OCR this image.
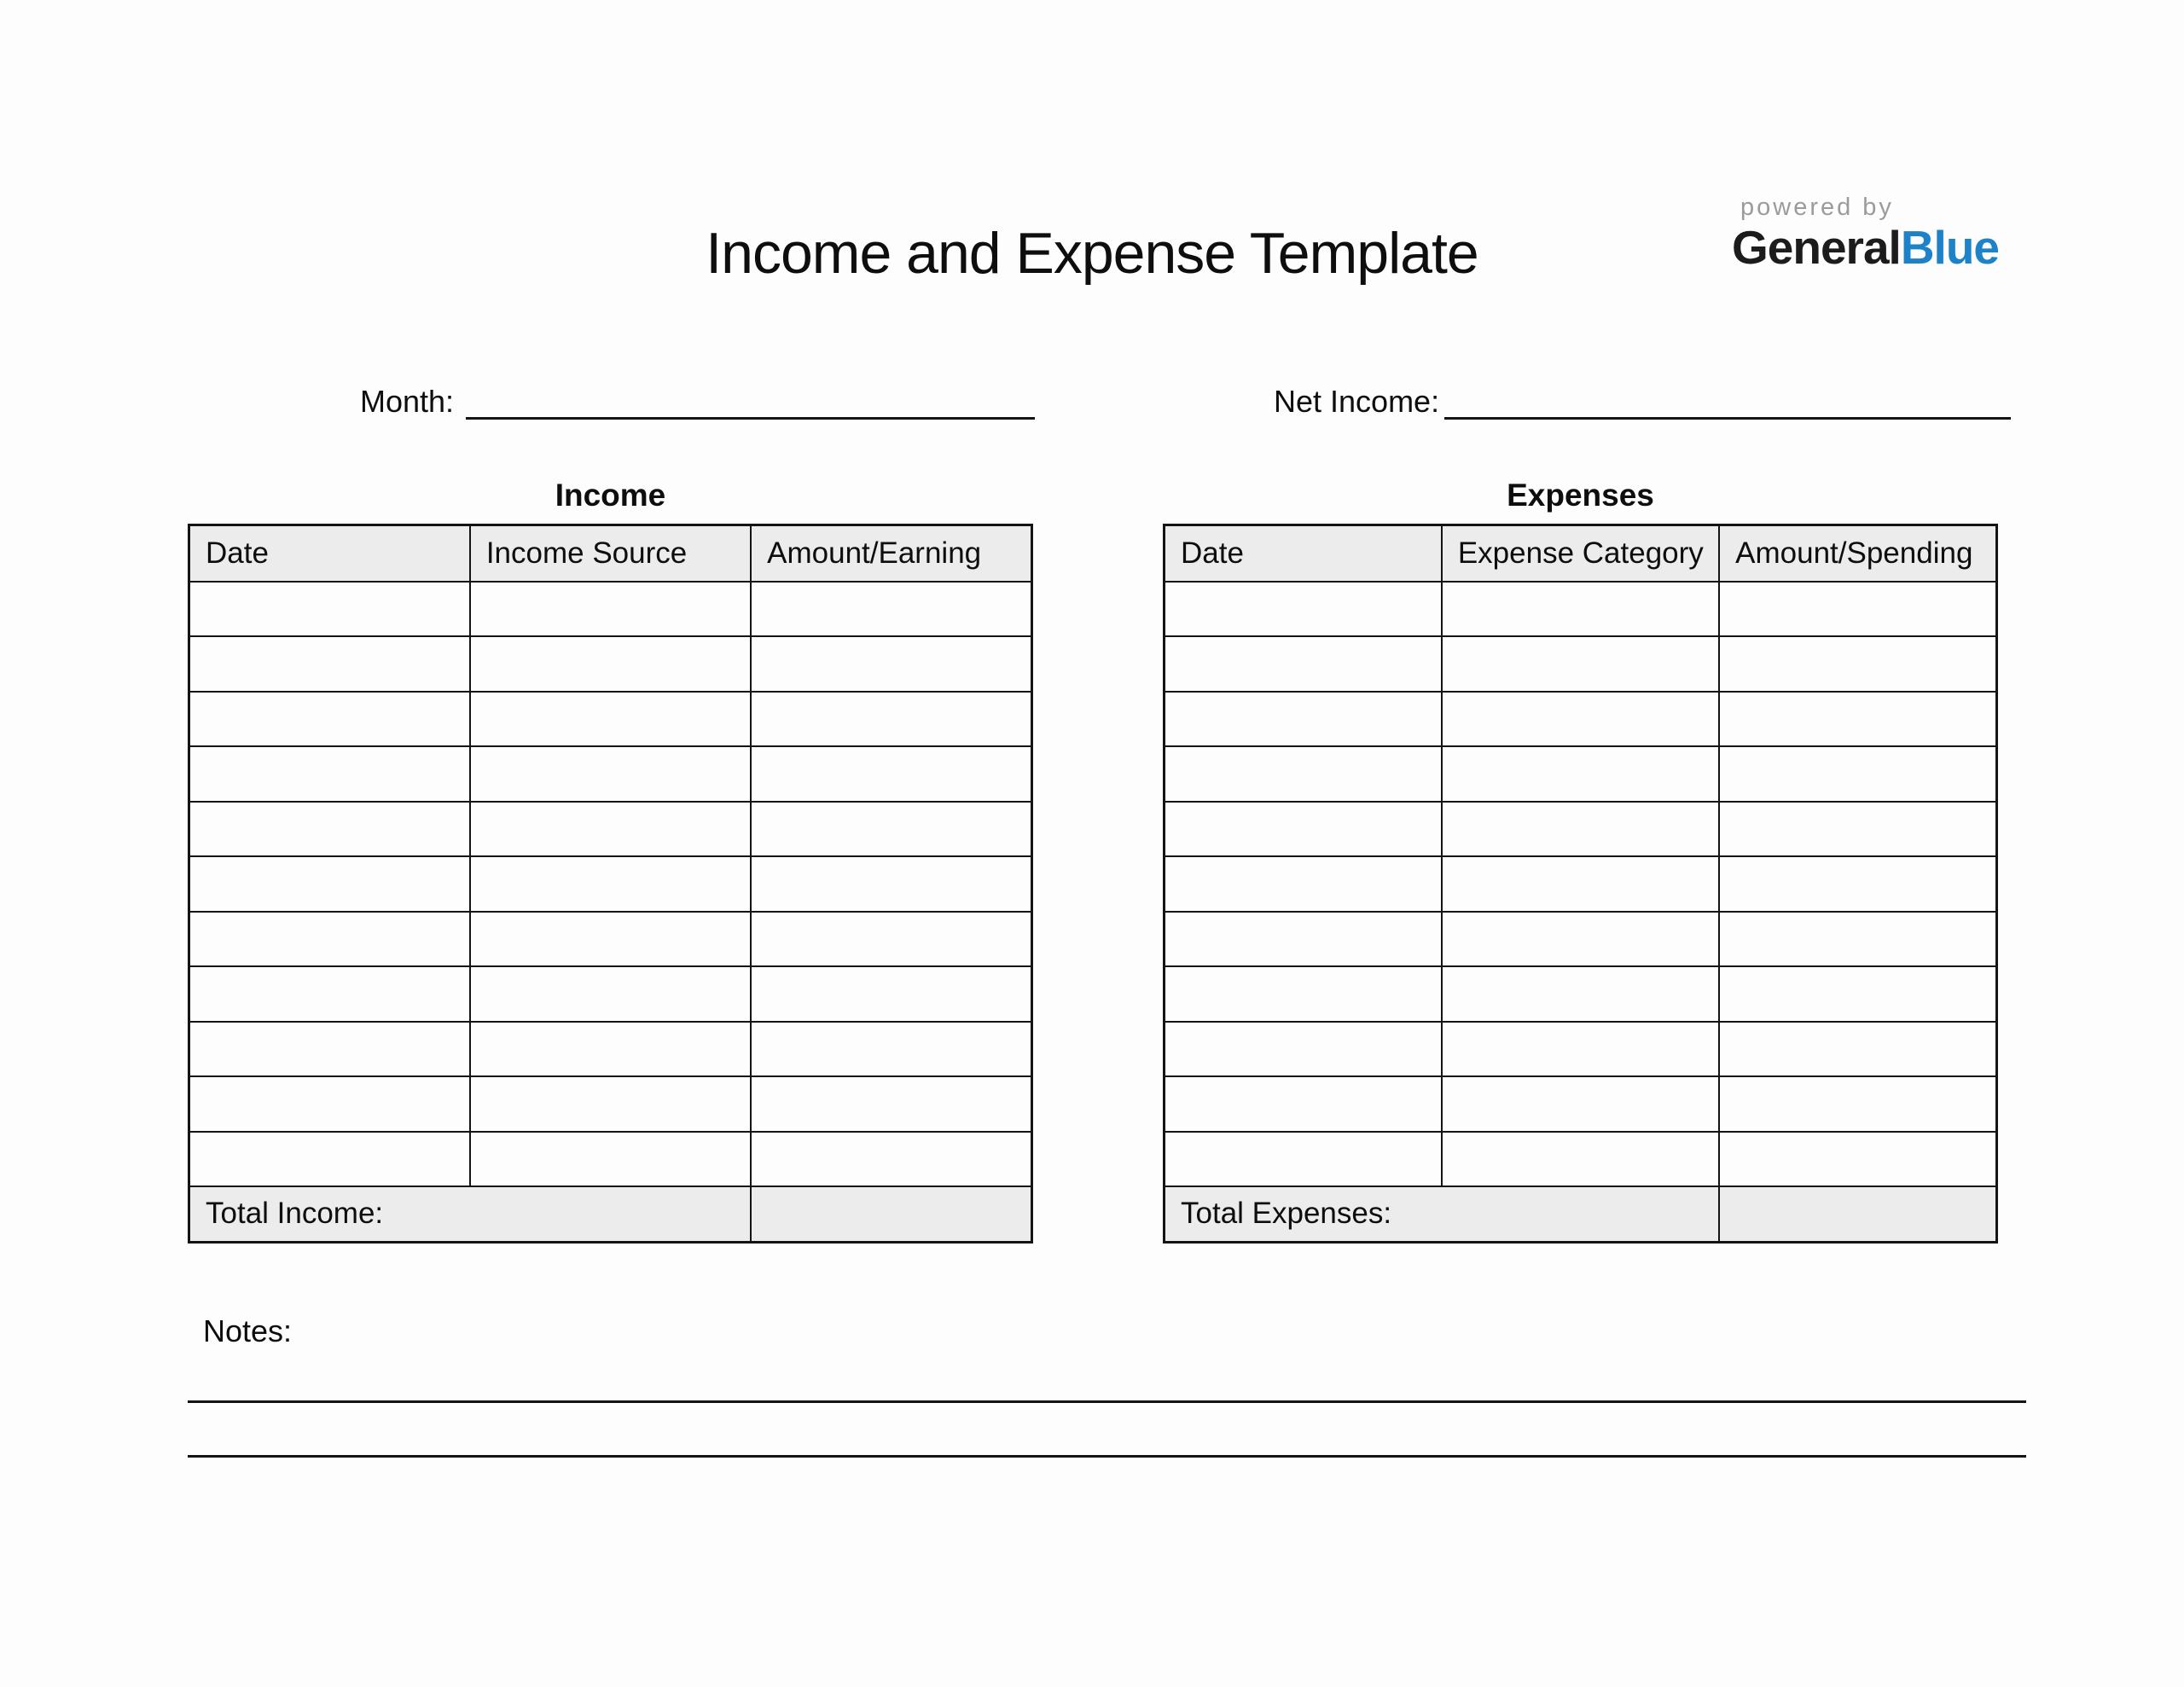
Income and Expense Template
powered by
GeneralBlue
Month:	Net Income:
Income	Expenses
Date	Income Source	Amount/Earning

Total Income:		
Date	Expense Category	Amount/Spending

Total Expenses:		
Notes:
